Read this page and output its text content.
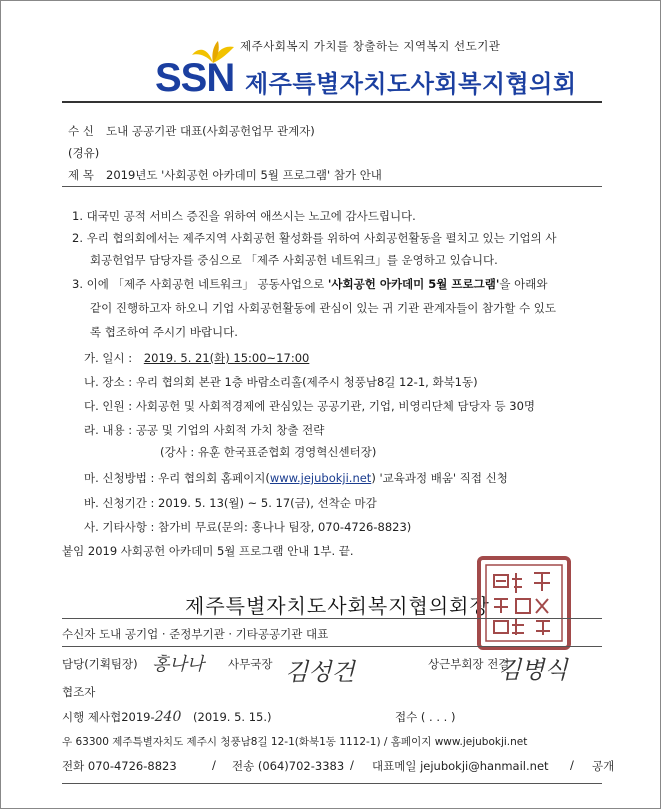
제주사회복지 가치를 창출하는 지역복지 선도기관
SSN 제주특별자치도사회복지협의회
수 신 도내 공공기관 대표(사회공헌업무 관계자)
(경유)
제 목 2019년도 '사회공헌 아카데미 5월 프로그램' 참가 안내
1. 대국민 공적 서비스 증진을 위하여 애쓰시는 노고에 감사드립니다.
2. 우리 협의회에서는 제주지역 사회공헌 활성화를 위하여 사회공헌활동을 펼치고 있는 기업의 사
회공헌업무 담당자를 중심으로 「제주 사회공헌 네트워크」를 운영하고 있습니다.
3. 이에 「제주 사회공헌 네트워크」 공동사업으로 '사회공헌 아카데미 5월 프로그램'을 아래와
같이 진행하고자 하오니 기업 사회공헌활동에 관심이 있는 귀 기관 관계자들이 참가할 수 있도
록 협조하여 주시기 바랍니다.
가. 일시 : 2019. 5. 21(화) 15:00~17:00
나. 장소 : 우리 협의회 본관 1층 바람소리홀(제주시 청풍남8길 12-1, 화북1동)
다. 인원 : 사회공헌 및 사회적경제에 관심있는 공공기관, 기업, 비영리단체 담당자 등 30명
라. 내용 : 공공 및 기업의 사회적 가치 창출 전략
(강사 : 유훈 한국표준협회 경영혁신센터장)
마. 신청방법 : 우리 협의회 홈페이지(www.jejubokji.net) '교육과정 배움' 직접 신청
바. 신청기간 : 2019. 5. 13(월) ~ 5. 17(금), 선착순 마감
사. 기타사항 : 참가비 무료(문의: 홍나나 팀장, 070-4726-8823)
붙임 2019 사회공헌 아카데미 5월 프로그램 안내 1부. 끝.
제주특별자치도사회복지협의회장
수신자 도내 공기업 · 준정부기관 · 기타공공기관 대표
담당(기획팀장) 홍나나 사무국장 김성건	상근부회장 전결
김병식
협조자
시행 제사협2019-240 (2019. 5. 15.)	접수 ( . . . )
우 63300 제주특별자치도 제주시 청풍남8길 12-1(화북1동 1112-1) / 홈페이지 www.jejubokji.net
전화 070-4726-8823	/ 전송 (064)702-3383 / 대표메일 jejubokji@hanmail.net / 공개
